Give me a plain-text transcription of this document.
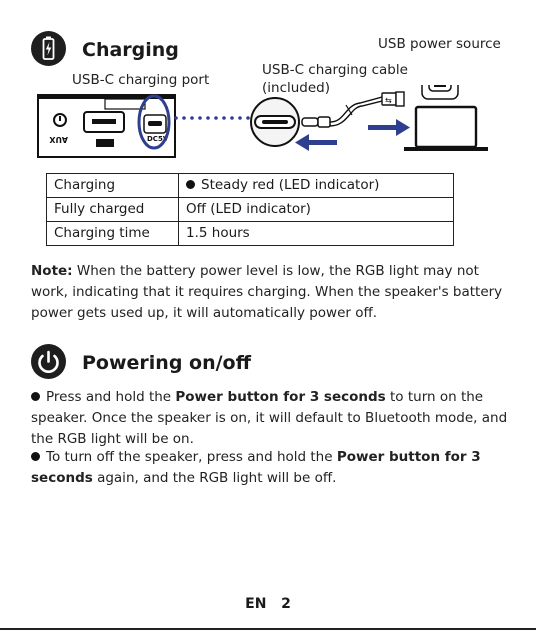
Charging
USB-C charging port
USB-C charging cable
(included)
USB power source
AUX	DC5V
⇆
Charging	Steady red (LED indicator)
Fully charged	Off (LED indicator)
Charging time	1.5 hours
Note: When the battery power level is low, the RGB light may not work, indicating that it requires charging. When the speaker's battery power gets used up, it will automatically power off.
Powering on/off
Press and hold the Power button for 3 seconds to turn on the speaker. Once the speaker is on, it will default to Bluetooth mode, and the RGB light will be on.
To turn off the speaker, press and hold the Power button for 3 seconds again, and the RGB light will be off.
EN 2
